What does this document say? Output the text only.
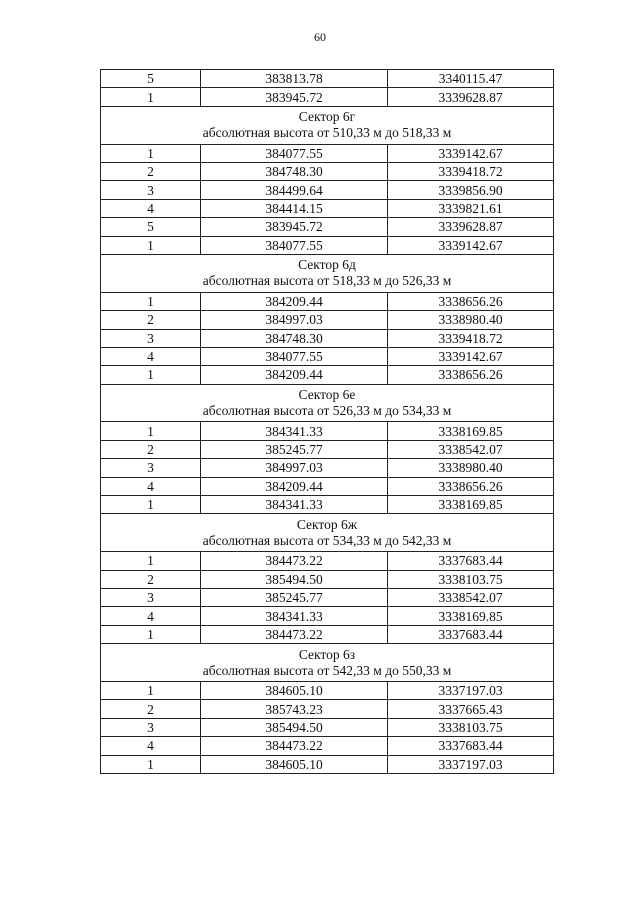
60
5	383813.78	3340115.47
1	383945.72	3339628.87

Сектор 6г
абсолютная высота от 510,33 м до 518,33 м		

1	384077.55	3339142.67
2	384748.30	3339418.72
3	384499.64	3339856.90
4	384414.15	3339821.61
5	383945.72	3339628.87
1	384077.55	3339142.67

Сектор 6д
абсолютная высота от 518,33 м до 526,33 м		

1	384209.44	3338656.26
2	384997.03	3338980.40
3	384748.30	3339418.72
4	384077.55	3339142.67
1	384209.44	3338656.26

Сектор 6е
абсолютная высота от 526,33 м до 534,33 м		

1	384341.33	3338169.85
2	385245.77	3338542.07
3	384997.03	3338980.40
4	384209.44	3338656.26
1	384341.33	3338169.85

Сектор 6ж
абсолютная высота от 534,33 м до 542,33 м		

1	384473.22	3337683.44
2	385494.50	3338103.75
3	385245.77	3338542.07
4	384341.33	3338169.85
1	384473.22	3337683.44

Сектор 6з
абсолютная высота от 542,33 м до 550,33 м		

1	384605.10	3337197.03
2	385743.23	3337665.43
3	385494.50	3338103.75
4	384473.22	3337683.44
1	384605.10	3337197.03
